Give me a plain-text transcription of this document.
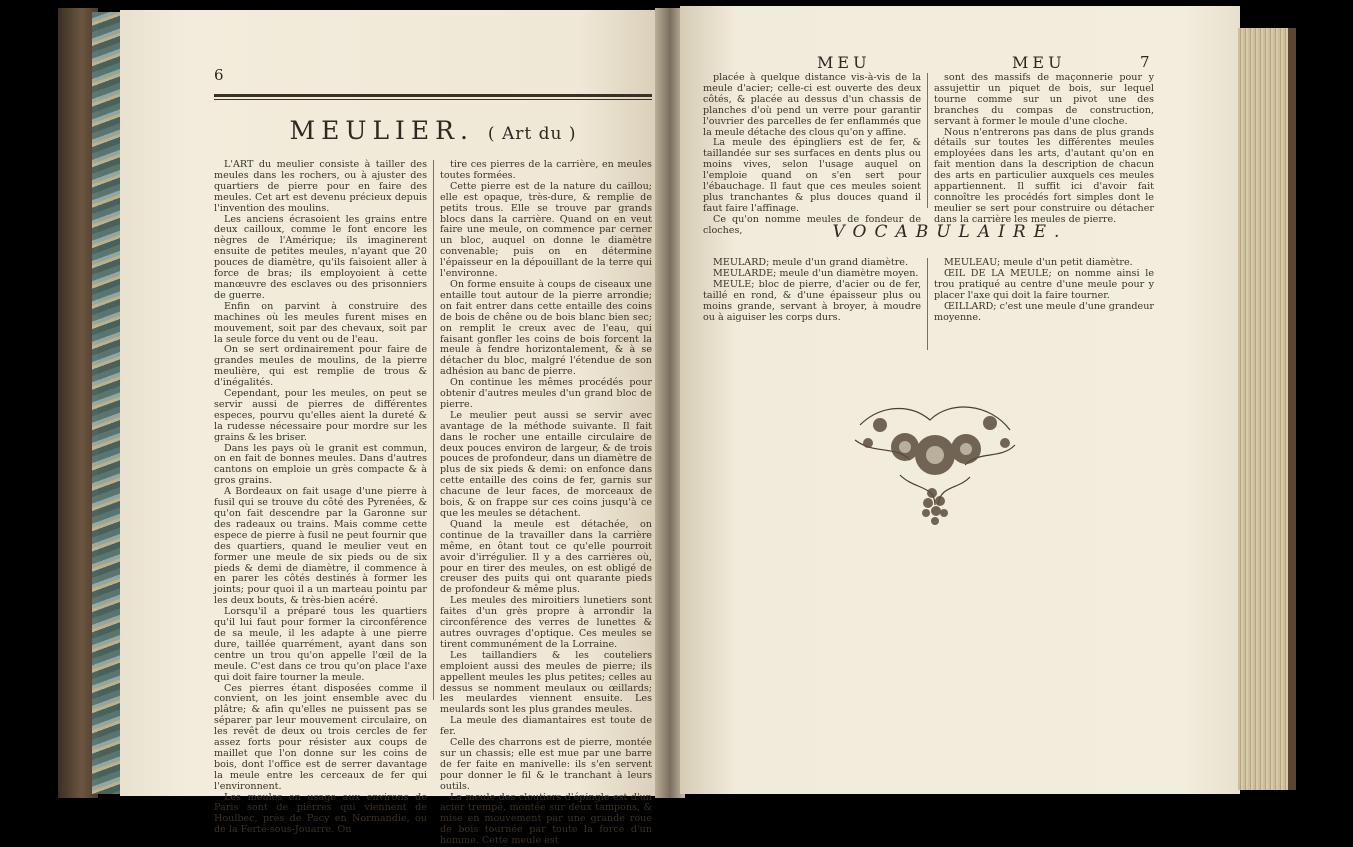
6
MEULIER. ( Art du )

L'ART du meulier consiste à tailler des meules dans les rochers, ou à ajuster des quartiers de pierre pour en faire des meules. Cet art est devenu précieux depuis l'invention des moulins.

Les anciens écrasoient les grains entre deux cailloux, comme le font encore les nègres de l'Amérique; ils imaginerent ensuite de petites meules, n'ayant que 20 pouces de diamètre, qu'ils faisoient aller à force de bras; ils employoient à cette manœuvre des esclaves ou des prisonniers de guerre.

Enfin on parvint à construire des machines où les meules furent mises en mouvement, soit par des chevaux, soit par la seule force du vent ou de l'eau.

On se sert ordinairement pour faire de grandes meules de moulins, de la pierre meulière, qui est remplie de trous & d'inégalités.

Cependant, pour les meules, on peut se servir aussi de pierres de différentes especes, pourvu qu'elles aient la dureté & la rudesse nécessaire pour mordre sur les grains & les briser.

Dans les pays où le granit est commun, on en fait de bonnes meules. Dans d'autres cantons on emploie un grès compacte & à gros grains.

A Bordeaux on fait usage d'une pierre à fusil qui se trouve du côté des Pyrenées, & qu'on fait descendre par la Garonne sur des radeaux ou trains. Mais comme cette espece de pierre à fusil ne peut fournir que des quartiers, quand le meulier veut en former une meule de six pieds ou de six pieds & demi de diamètre, il commence à en parer les côtés destinés à former les joints; pour quoi il a un marteau pointu par les deux bouts, & très-bien acéré.

Lorsqu'il a préparé tous les quartiers qu'il lui faut pour former la circonférence de sa meule, il les adapte à une pierre dure, taillée quarrément, ayant dans son centre un trou qu'on appelle l'œil de la meule. C'est dans ce trou qu'on place l'axe qui doit faire tourner la meule.

Ces pierres étant disposées comme il convient, on les joint ensemble avec du plâtre; & afin qu'elles ne puissent pas se séparer par leur mouvement circulaire, on les revêt de deux ou trois cercles de fer assez forts pour résister aux coups de maillet que l'on donne sur les coins de bois, dont l'office est de serrer davantage la meule entre les cerceaux de fer qui l'environnent.

Les meules en usage aux environs de Paris sont de pierres qui viennent de Houlbec, près de Pacy en Normandie, ou de la Ferté-sous-Jouarre. On

tire ces pierres de la carrière, en meules toutes formées.

Cette pierre est de la nature du caillou; elle est opaque, très-dure, & remplie de petits trous. Elle se trouve par grands blocs dans la carrière. Quand on en veut faire une meule, on commence par cerner un bloc, auquel on donne le diamètre convenable; puis on en détermine l'épaisseur en la dépouillant de la terre qui l'environne.

On forme ensuite à coups de ciseaux une entaille tout autour de la pierre arrondie; on fait entrer dans cette entaille des coins de bois de chêne ou de bois blanc bien sec; on remplit le creux avec de l'eau, qui faisant gonfler les coins de bois forcent la meule à fendre horizontalement, & à se détacher du bloc, malgré l'étendue de son adhésion au banc de pierre.

On continue les mêmes procédés pour obtenir d'autres meules d'un grand bloc de pierre.

Le meulier peut aussi se servir avec avantage de la méthode suivante. Il fait dans le rocher une entaille circulaire de deux pouces environ de largeur, & de trois pouces de profondeur, dans un diamètre de plus de six pieds & demi: on enfonce dans cette entaille des coins de fer, garnis sur chacune de leur faces, de morceaux de bois, & on frappe sur ces coins jusqu'à ce que les meules se détachent.

Quand la meule est détachée, on continue de la travailler dans la carrière même, en ôtant tout ce qu'elle pourroit avoir d'irrégulier. Il y a des carrières où, pour en tirer des meules, on est obligé de creuser des puits qui ont quarante pieds de profondeur & même plus.

Les meules des miroitiers lunetiers sont faites d'un grès propre à arrondir la circonférence des verres de lunettes & autres ouvrages d'optique. Ces meules se tirent communément de la Lorraine.

Les taillandiers & les couteliers emploient aussi des meules de pierre; ils appellent meules les plus petites; celles au dessus se nomment meulaux ou œillards; les meulardes viennent ensuite. Les meulards sont les plus grandes meules.

La meule des diamantaires est toute de fer.

Celle des charrons est de pierre, montée sur un chassis; elle est mue par une barre de fer faite en manivelle: ils s'en servent pour donner le fil & le tranchant à leurs outils.

La meule des cloutiers d'épingle est d'un acier trempé, montée sur deux tampons, & mise en mouvement par une grande roue de bois tournée par toute la force d'un homme. Cette meule est

MEU	MEU	7

placée à quelque distance vis-à-vis de la meule d'acier; celle-ci est ouverte des deux côtés, & placée au dessus d'un chassis de planches d'où pend un verre pour garantir l'ouvrier des parcelles de fer enflammés que la meule détache des clous qu'on y affine.

La meule des épingliers est de fer, & taillandée sur ses surfaces en dents plus ou moins vives, selon l'usage auquel on l'emploie quand on s'en sert pour l'ébauchage. Il faut que ces meules soient plus tranchantes & plus douces quand il faut faire l'affinage.

Ce qu'on nomme meules de fondeur de cloches,

sont des massifs de maçonnerie pour y assujettir un piquet de bois, sur lequel tourne comme sur un pivot une des branches du compas de construction, servant à former le moule d'une cloche.

Nous n'entrerons pas dans de plus grands détails sur toutes les différentes meules employées dans les arts, d'autant qu'on en fait mention dans la description de chacun des arts en particulier auxquels ces meules appartiennent. Il suffit ici d'avoir fait connoître les procédés fort simples dont le meulier se sert pour construire ou détacher dans la carrière les meules de pierre.

VOCABULAIRE.

MEULARD; meule d'un grand diamètre.

MEULARDE; meule d'un diamètre moyen.

MEULE; bloc de pierre, d'acier ou de fer, taillé en rond, & d'une épaisseur plus ou moins grande, servant à broyer, à moudre ou à aiguiser les corps durs.

MEULEAU; meule d'un petit diamètre.

ŒIL DE LA MEULE; on nomme ainsi le trou pratiqué au centre d'une meule pour y placer l'axe qui doit la faire tourner.

ŒILLARD; c'est une meule d'une grandeur moyenne.
